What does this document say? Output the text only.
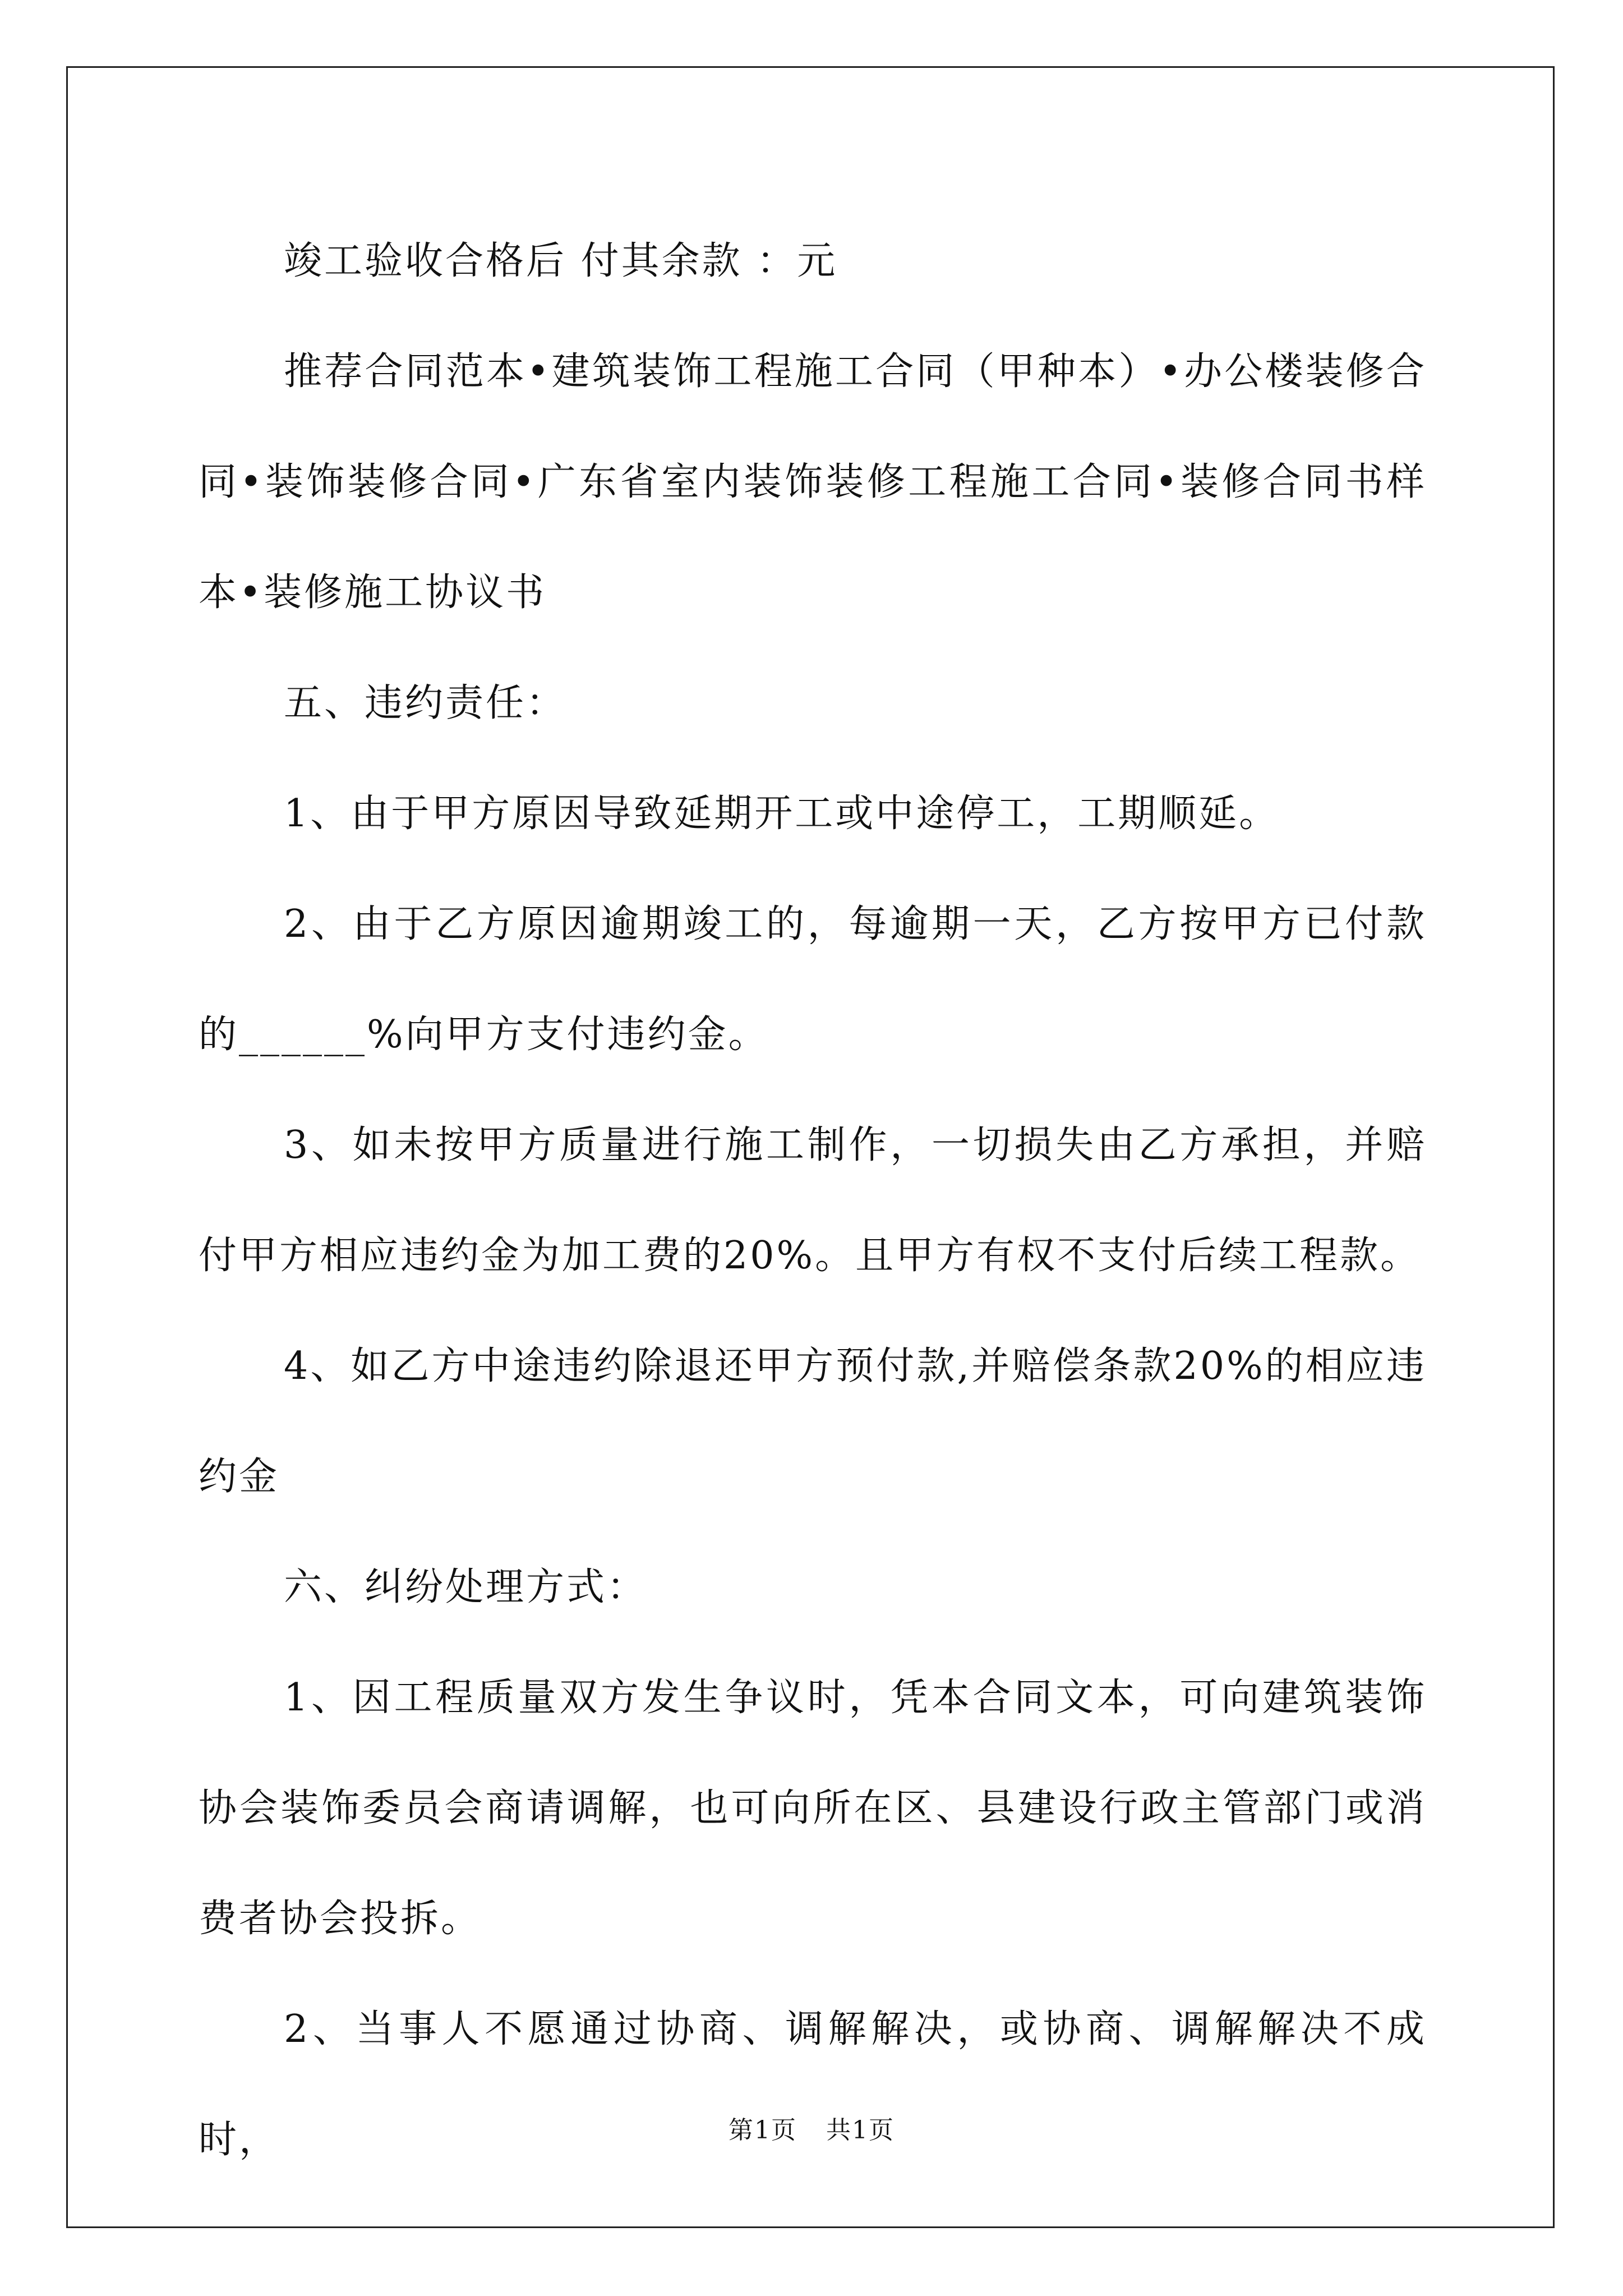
竣工验收合格后 付其余款 ：元

推荐合同范本•建筑装饰工程施工合同（甲种本）•办公楼装修合同•装饰装修合同•广东省室内装饰装修工程施工合同•装修合同书样本•装修施工协议书

五、违约责任：

1、由于甲方原因导致延期开工或中途停工，工期顺延。

2、由于乙方原因逾期竣工的，每逾期一天，乙方按甲方已付款的______%向甲方支付违约金。

3、如未按甲方质量进行施工制作，一切损失由乙方承担，并赔付甲方相应违约金为加工费的20%。且甲方有权不支付后续工程款。

4、如乙方中途违约除退还甲方预付款,并赔偿条款20%的相应违约金

六、纠纷处理方式：

1、因工程质量双方发生争议时，凭本合同文本，可向建筑装饰协会装饰委员会商请调解，也可向所在区、县建设行政主管部门或消费者协会投拆。

2、当事人不愿通过协商、调解解决，或协商、调解解决不成时，	第1页 共1页
